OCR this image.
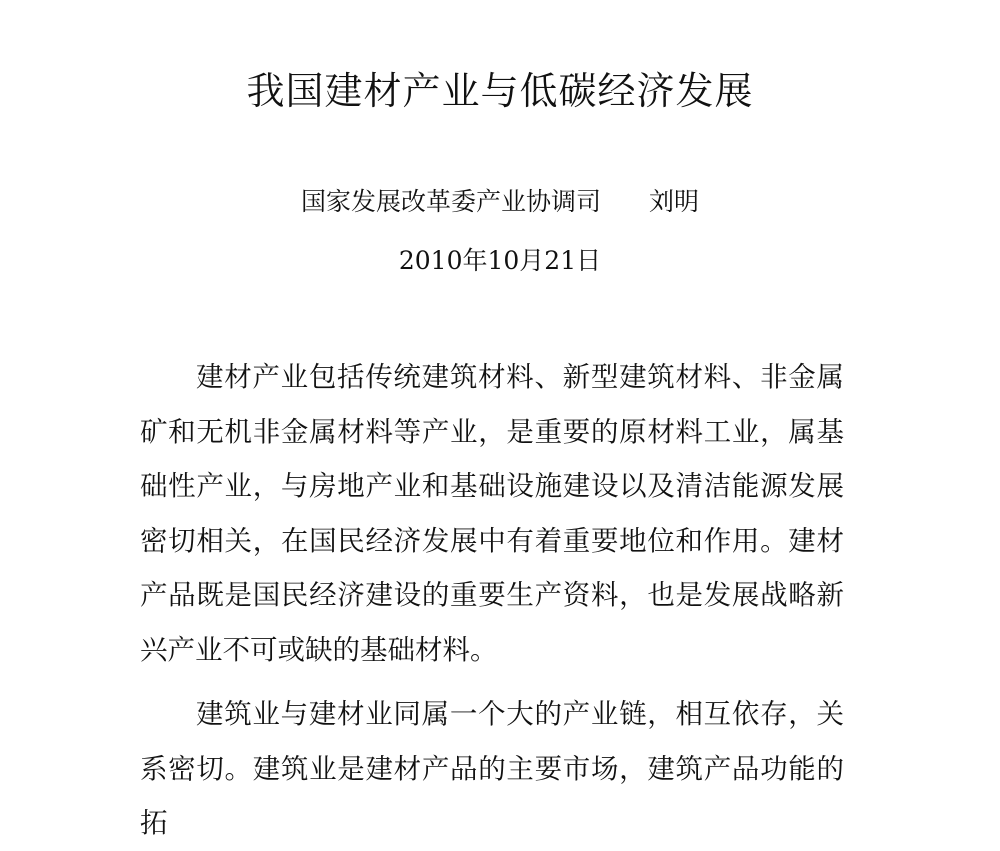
我国建材产业与低碳经济发展
国家发展改革委产业协调司 刘明
2010年10月21日

建材产业包括传统建筑材料、新型建筑材料、非金属矿和无机非金属材料等产业，是重要的原材料工业，属基础性产业，与房地产业和基础设施建设以及清洁能源发展密切相关，在国民经济发展中有着重要地位和作用。建材产品既是国民经济建设的重要生产资料，也是发展战略新兴产业不可或缺的基础材料。

建筑业与建材业同属一个大的产业链，相互依存，关系密切。建筑业是建材产品的主要市场，建筑产品功能的拓
